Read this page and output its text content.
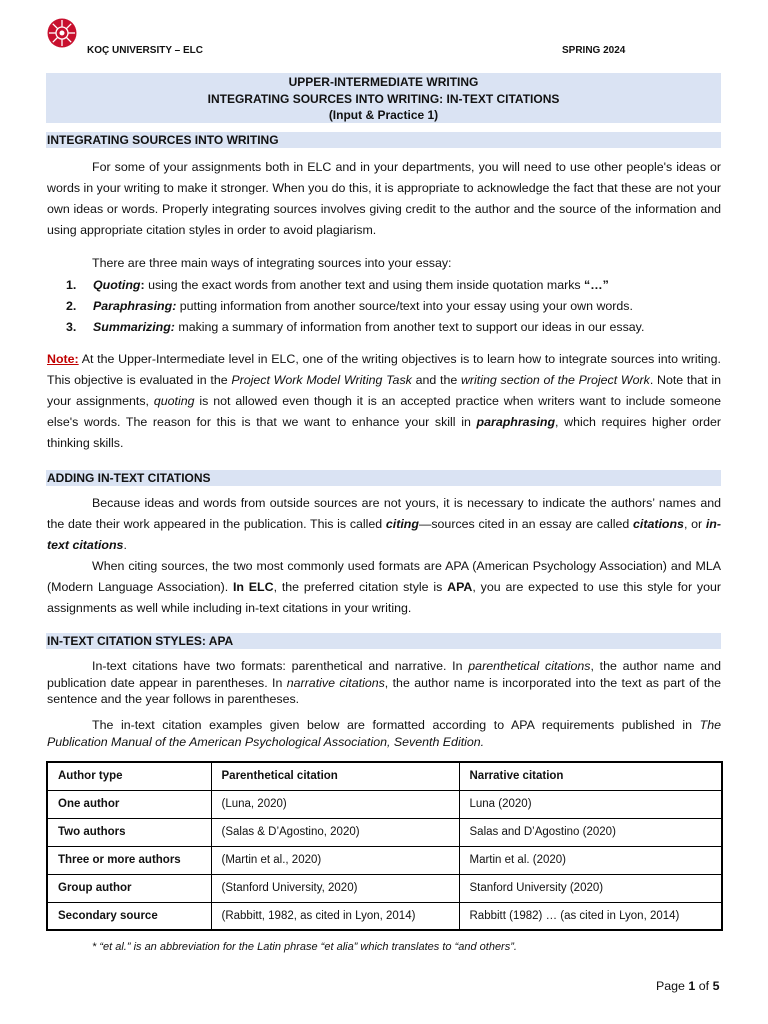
KOÇ UNIVERSITY – ELC	SPRING 2024
UPPER-INTERMEDIATE WRITING
INTEGRATING SOURCES INTO WRITING: IN-TEXT CITATIONS
(Input & Practice 1)
INTEGRATING SOURCES INTO WRITING
For some of your assignments both in ELC and in your departments, you will need to use other people's ideas or words in your writing to make it stronger. When you do this, it is appropriate to acknowledge the fact that these are not your own ideas or words. Properly integrating sources involves giving credit to the author and the source of the information and using appropriate citation styles in order to avoid plagiarism.
There are three main ways of integrating sources into your essay:
1. Quoting: using the exact words from another text and using them inside quotation marks “…”
2. Paraphrasing: putting information from another source/text into your essay using your own words.
3. Summarizing: making a summary of information from another text to support our ideas in our essay.
Note: At the Upper-Intermediate level in ELC, one of the writing objectives is to learn how to integrate sources into writing. This objective is evaluated in the Project Work Model Writing Task and the writing section of the Project Work. Note that in your assignments, quoting is not allowed even though it is an accepted practice when writers want to include someone else's words. The reason for this is that we want to enhance your skill in paraphrasing, which requires higher order thinking skills.
ADDING IN-TEXT CITATIONS
Because ideas and words from outside sources are not yours, it is necessary to indicate the authors’ names and the date their work appeared in the publication. This is called citing—sources cited in an essay are called citations, or in-text citations.
When citing sources, the two most commonly used formats are APA (American Psychology Association) and MLA (Modern Language Association). In ELC, the preferred citation style is APA, you are expected to use this style for your assignments as well while including in-text citations in your writing.
IN-TEXT CITATION STYLES: APA
In-text citations have two formats: parenthetical and narrative. In parenthetical citations, the author name and publication date appear in parentheses. In narrative citations, the author name is incorporated into the text as part of the sentence and the year follows in parentheses.
The in-text citation examples given below are formatted according to APA requirements published in The Publication Manual of the American Psychological Association, Seventh Edition.
Author type	Parenthetical citation	Narrative citation
One author	(Luna, 2020)	Luna (2020)
Two authors	(Salas & D’Agostino, 2020)	Salas and D’Agostino (2020)
Three or more authors	(Martin et al., 2020)	Martin et al. (2020)
Group author	(Stanford University, 2020)	Stanford University (2020)
Secondary source	(Rabbitt, 1982, as cited in Lyon, 2014)	Rabbitt (1982) … (as cited in Lyon, 2014)
* “et al.” is an abbreviation for the Latin phrase “et alia” which translates to “and others”.
Page 1 of 5
